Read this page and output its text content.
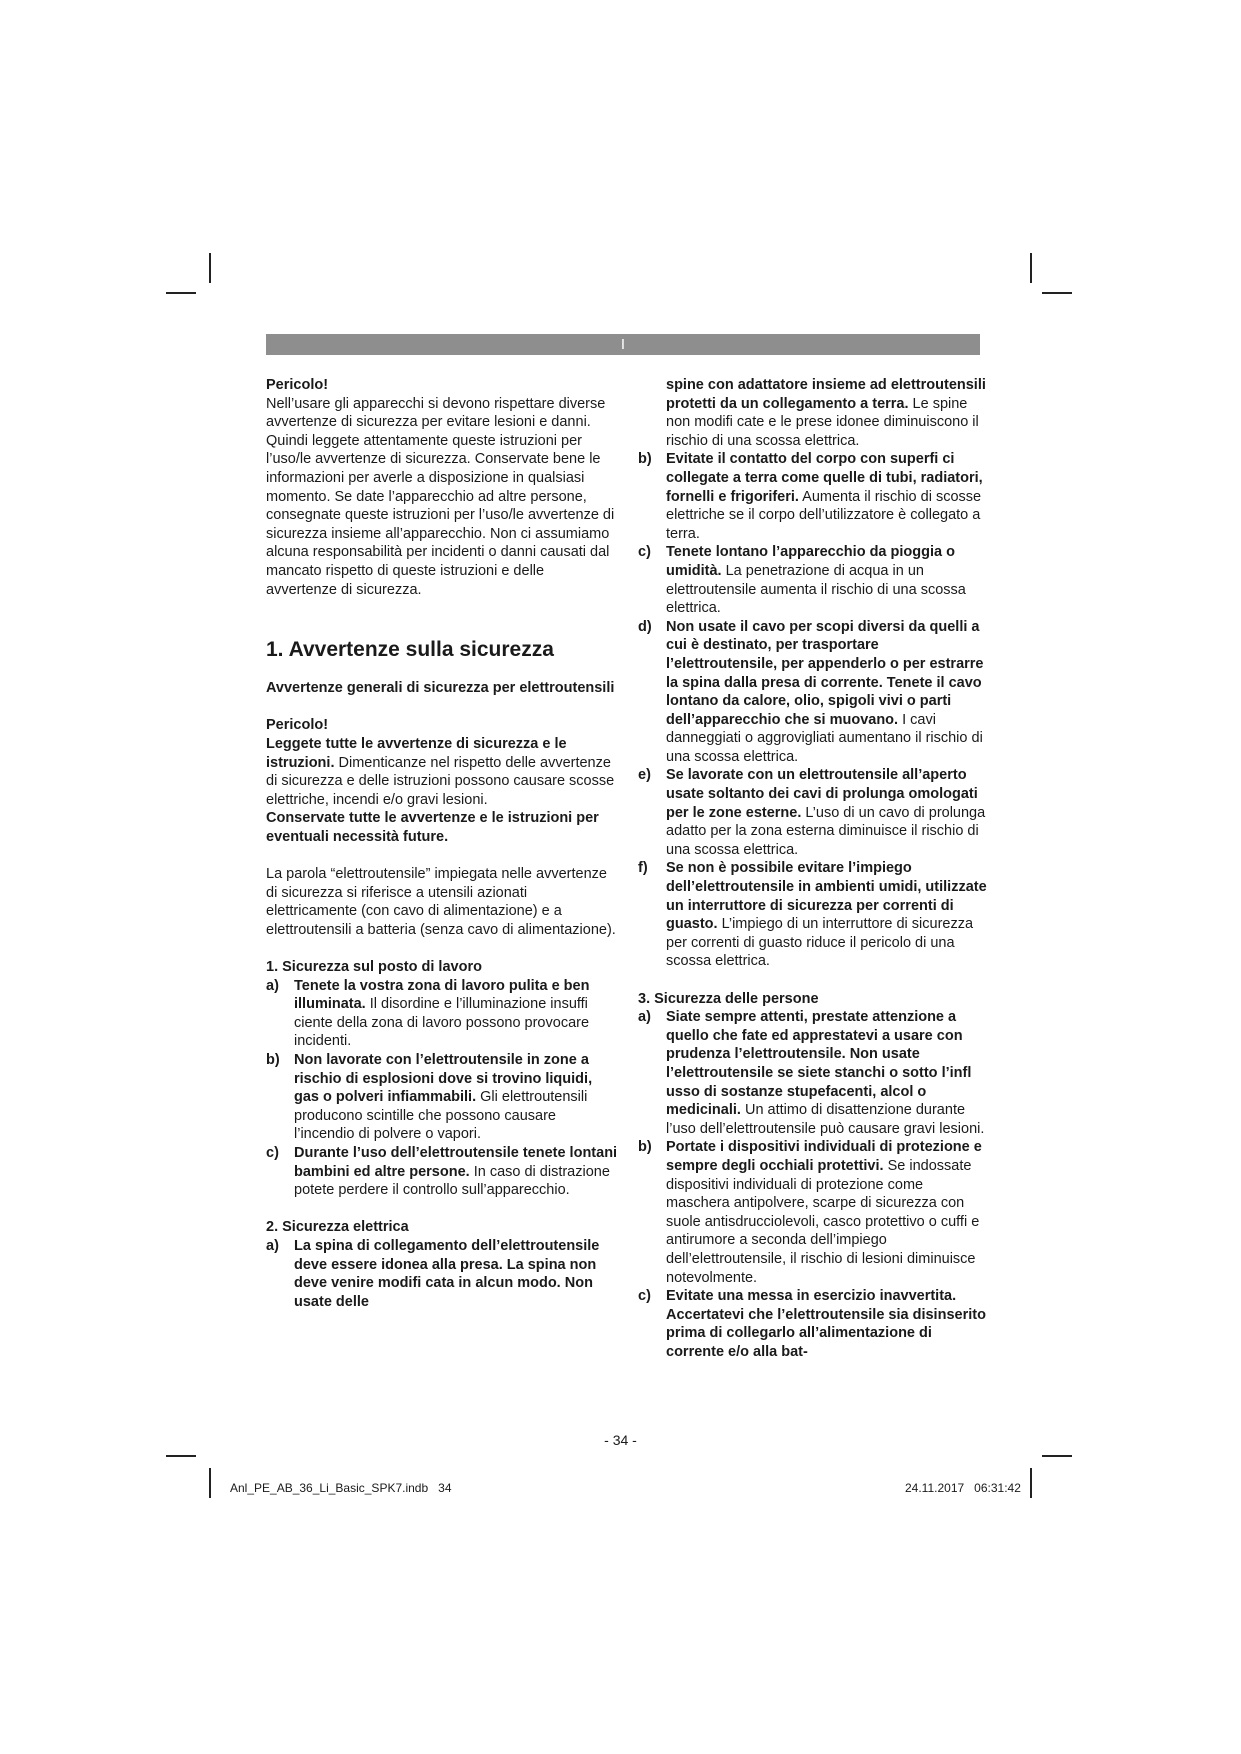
I

Pericolo!

Nell’usare gli apparecchi si devono rispettare diverse avvertenze di sicurezza per evitare lesioni e danni. Quindi leggete attentamente queste istruzioni per l’uso/le avvertenze di sicurezza. Conservate bene le informazioni per averle a disposizione in qualsiasi momento. Se date l’apparecchio ad altre persone, consegnate queste istruzioni per l’uso/le avvertenze di sicurezza insieme all’apparecchio. Non ci assumiamo alcuna responsabilità per incidenti o danni causati dal mancato rispetto di queste istruzioni e delle avvertenze di sicurezza.

1. Avvertenze sulla sicurezza

Avvertenze generali di sicurezza per elettroutensili

Pericolo!

Leggete tutte le avvertenze di sicurezza e le istruzioni. Dimenticanze nel rispetto delle avvertenze di sicurezza e delle istruzioni possono causare scosse elettriche, incendi e/o gravi lesioni.

Conservate tutte le avvertenze e le istruzioni per eventuali necessità future.

La parola “elettroutensile” impiegata nelle avvertenze di sicurezza si riferisce a utensili azionati elettricamente (con cavo di alimentazione) e a elettroutensili a batteria (senza cavo di alimentazione).

1. Sicurezza sul posto di lavoro

a) Tenete la vostra zona di lavoro pulita e ben illuminata. Il disordine e l’illuminazione insuffi ciente della zona di lavoro possono provocare incidenti.
b) Non lavorate con l’elettroutensile in zone a rischio di esplosioni dove si trovino liquidi, gas o polveri infiammabili. Gli elettroutensili producono scintille che possono causare l’incendio di polvere o vapori.
c) Durante l’uso dell’elettroutensile tenete lontani bambini ed altre persone. In caso di distrazione potete perdere il controllo sull’apparecchio.

2. Sicurezza elettrica

a) La spina di collegamento dell’elettroutensile deve essere idonea alla presa. La spina non deve venire modifi cata in alcun modo. Non usate delle
spine con adattatore insieme ad elettroutensili protetti da un collegamento a terra. Le spine non modifi cate e le prese idonee diminuiscono il rischio di una scossa elettrica.
b) Evitate il contatto del corpo con superfi ci collegate a terra come quelle di tubi, radiatori, fornelli e frigoriferi. Aumenta il rischio di scosse elettriche se il corpo dell’utilizzatore è collegato a terra.
c) Tenete lontano l’apparecchio da pioggia o umidità. La penetrazione di acqua in un elettroutensile aumenta il rischio di una scossa elettrica.
d) Non usate il cavo per scopi diversi da quelli a cui è destinato, per trasportare l’elettroutensile, per appenderlo o per estrarre la spina dalla presa di corrente. Tenete il cavo lontano da calore, olio, spigoli vivi o parti dell’apparecchio che si muovano. I cavi danneggiati o aggrovigliati aumentano il rischio di una scossa elettrica.
e) Se lavorate con un elettroutensile all’aperto usate soltanto dei cavi di prolunga omologati per le zone esterne. L’uso di un cavo di prolunga adatto per la zona esterna diminuisce il rischio di una scossa elettrica.
f) Se non è possibile evitare l’impiego dell’elettroutensile in ambienti umidi, utilizzate un interruttore di sicurezza per correnti di guasto. L’impiego di un interruttore di sicurezza per correnti di guasto riduce il pericolo di una scossa elettrica.

3. Sicurezza delle persone

a) Siate sempre attenti, prestate attenzione a quello che fate ed apprestatevi a usare con prudenza l’elettroutensile. Non usate l’elettroutensile se siete stanchi o sotto l’infl usso di sostanze stupefacenti, alcol o medicinali. Un attimo di disattenzione durante l’uso dell’elettroutensile può causare gravi lesioni.
b) Portate i dispositivi individuali di protezione e sempre degli occhiali protettivi. Se indossate dispositivi individuali di protezione come maschera antipolvere, scarpe di sicurezza con suole antisdrucciolevoli, casco protettivo o cuffi e antirumore a seconda dell’impiego dell’elettroutensile, il rischio di lesioni diminuisce notevolmente.
c) Evitate una messa in esercizio inavvertita. Accertatevi che l’elettroutensile sia disinserito prima di collegarlo all’alimentazione di corrente e/o alla bat-
- 34 -
Anl_PE_AB_36_Li_Basic_SPK7.indb   34	24.11.2017   06:31:42
